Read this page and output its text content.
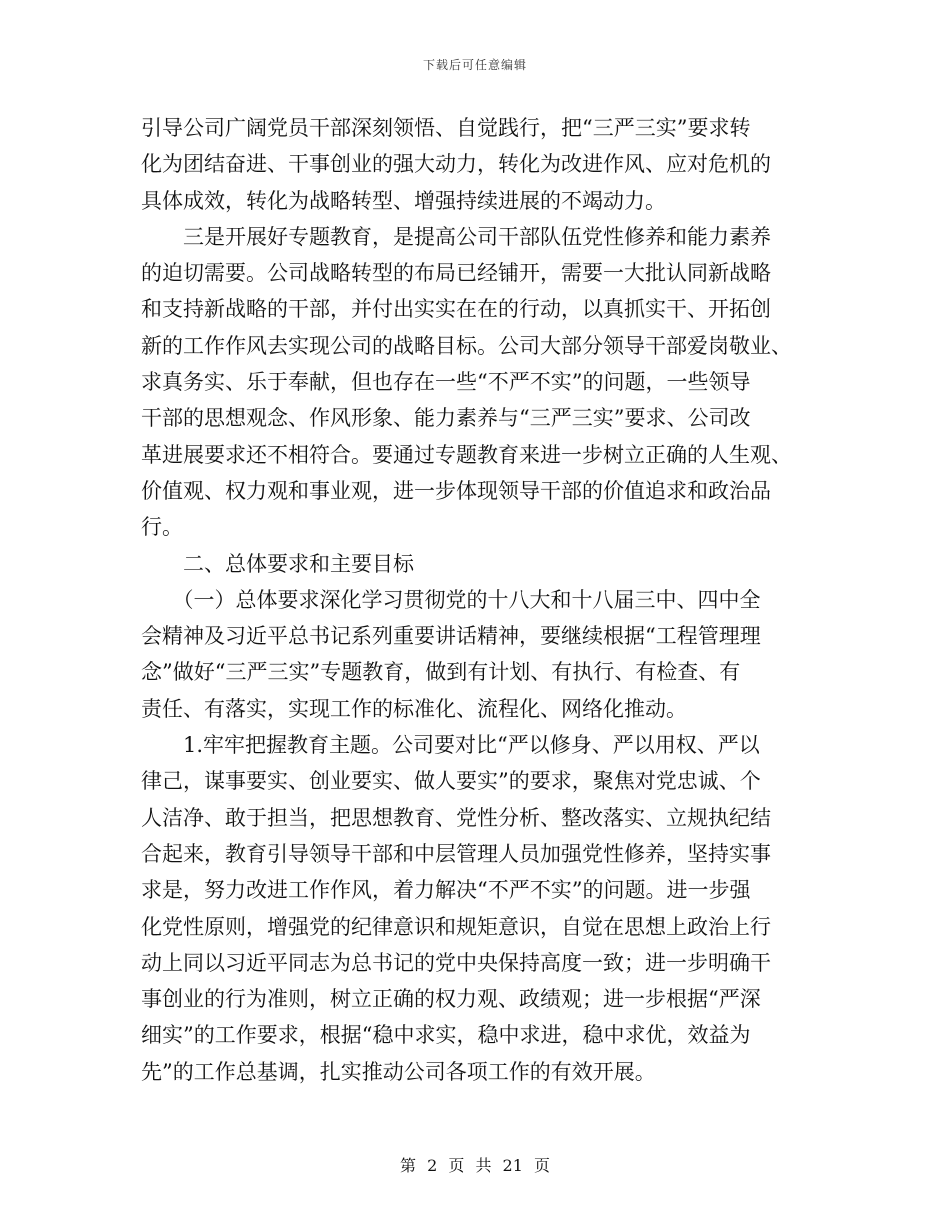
下载后可任意编辑
引导公司广阔党员干部深刻领悟、自觉践行，把“三严三实”要求转
化为团结奋进、干事创业的强大动力，转化为改进作风、应对危机的
具体成效，转化为战略转型、增强持续进展的不竭动力。
　　三是开展好专题教育，是提高公司干部队伍党性修养和能力素养
的迫切需要。公司战略转型的布局已经铺开，需要一大批认同新战略
和支持新战略的干部，并付出实实在在的行动，以真抓实干、开拓创
新的工作作风去实现公司的战略目标。公司大部分领导干部爱岗敬业、
求真务实、乐于奉献，但也存在一些“不严不实”的问题，一些领导
干部的思想观念、作风形象、能力素养与“三严三实”要求、公司改
革进展要求还不相符合。要通过专题教育来进一步树立正确的人生观、
价值观、权力观和事业观，进一步体现领导干部的价值追求和政治品
行。
　　二、总体要求和主要目标
　　（一）总体要求深化学习贯彻党的十八大和十八届三中、四中全
会精神及习近平总书记系列重要讲话精神，要继续根据“工程管理理
念”做好“三严三实”专题教育，做到有计划、有执行、有检查、有
责任、有落实，实现工作的标准化、流程化、网络化推动。
　　1.牢牢把握教育主题。公司要对比“严以修身、严以用权、严以
律己，谋事要实、创业要实、做人要实”的要求，聚焦对党忠诚、个
人洁净、敢于担当，把思想教育、党性分析、整改落实、立规执纪结
合起来，教育引导领导干部和中层管理人员加强党性修养，坚持实事
求是，努力改进工作作风，着力解决“不严不实”的问题。进一步强
化党性原则，增强党的纪律意识和规矩意识，自觉在思想上政治上行
动上同以习近平同志为总书记的党中央保持高度一致；进一步明确干
事创业的行为准则，树立正确的权力观、政绩观；进一步根据“严深
细实”的工作要求，根据“稳中求实，稳中求进，稳中求优，效益为
先”的工作总基调，扎实推动公司各项工作的有效开展。
第 2 页 共 21 页
